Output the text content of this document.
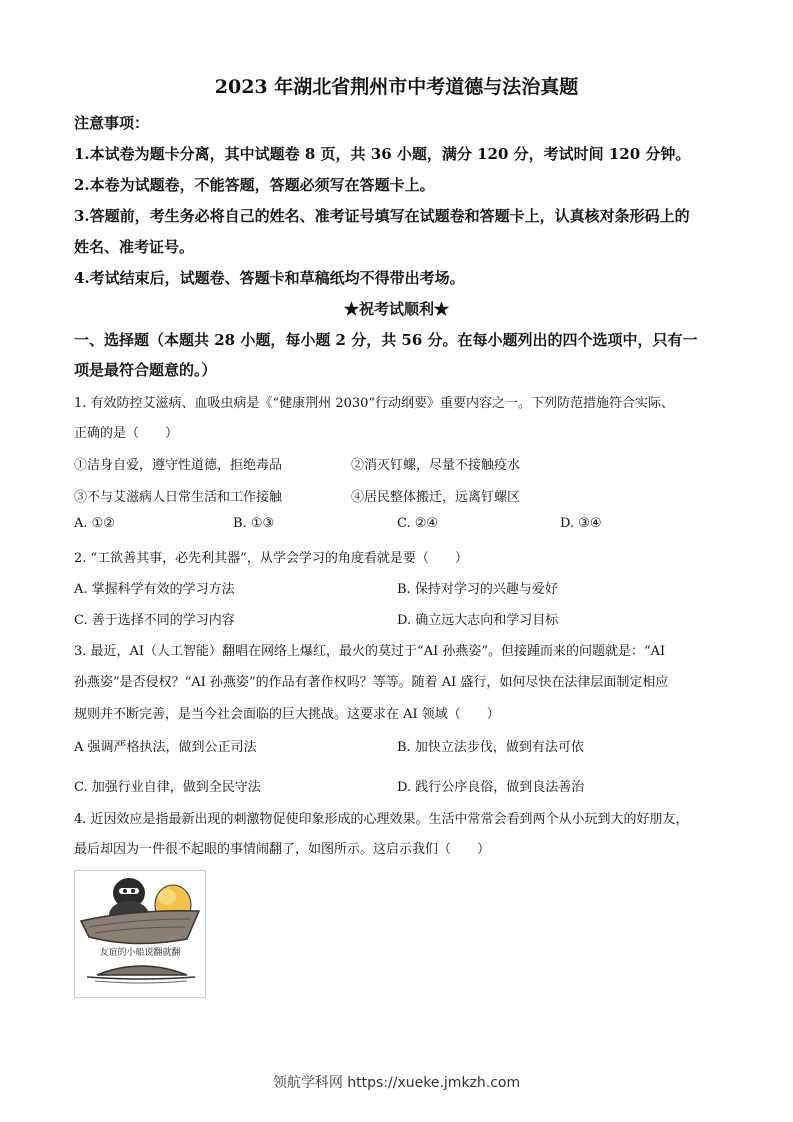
2023 年湖北省荆州市中考道德与法治真题
注意事项：
1.本试卷为题卡分离，其中试题卷 8 页，共 36 小题，满分 120 分，考试时间 120 分钟。
2.本卷为试题卷，不能答题，答题必须写在答题卡上。
3.答题前，考生务必将自己的姓名、准考证号填写在试题卷和答题卡上，认真核对条形码上的
姓名、准考证号。
4.考试结束后，试题卷、答题卡和草稿纸均不得带出考场。
★祝考试顺利★
一、选择题（本题共 28 小题，每小题 2 分，共 56 分。在每小题列出的四个选项中，只有一
项是最符合题意的。）
1. 有效防控艾滋病、血吸虫病是《“健康荆州 2030”行动纲要》重要内容之一。下列防范措施符合实际、
正确的是（　　）
①洁身自爱，遵守性道德，拒绝毒品	②消灭钉螺，尽量不接触疫水
③不与艾滋病人日常生活和工作接触	④居民整体搬迁，远离钉螺区
A. ①②	B. ①③	C. ②④	D. ③④
2. “工欲善其事，必先利其器”，从学会学习的角度看就是要（　　）
A. 掌握科学有效的学习方法	B. 保持对学习的兴趣与爱好
C. 善于选择不同的学习内容	D. 确立远大志向和学习目标
3. 最近，AI（人工智能）翻唱在网络上爆红，最火的莫过于“AI 孙燕姿”。但接踵而来的问题就是：“AI
孙燕姿”是否侵权？“AI 孙燕姿”的作品有著作权吗？等等。随着 AI 盛行，如何尽快在法律层面制定相应
规则并不断完善，是当今社会面临的巨大挑战。这要求在 AI 领域（　　）
A 强调严格执法，做到公正司法	B. 加快立法步伐，做到有法可依
C. 加强行业自律，做到全民守法	D. 践行公序良俗，做到良法善治
4. 近因效应是指最新出现的刺激物促使印象形成的心理效果。生活中常常会看到两个从小玩到大的好朋友，
最后却因为一件很不起眼的事情闹翻了，如图所示。这启示我们（　　）
友谊的小船说翻就翻
领航学科网 https://xueke.jmkzh.com
